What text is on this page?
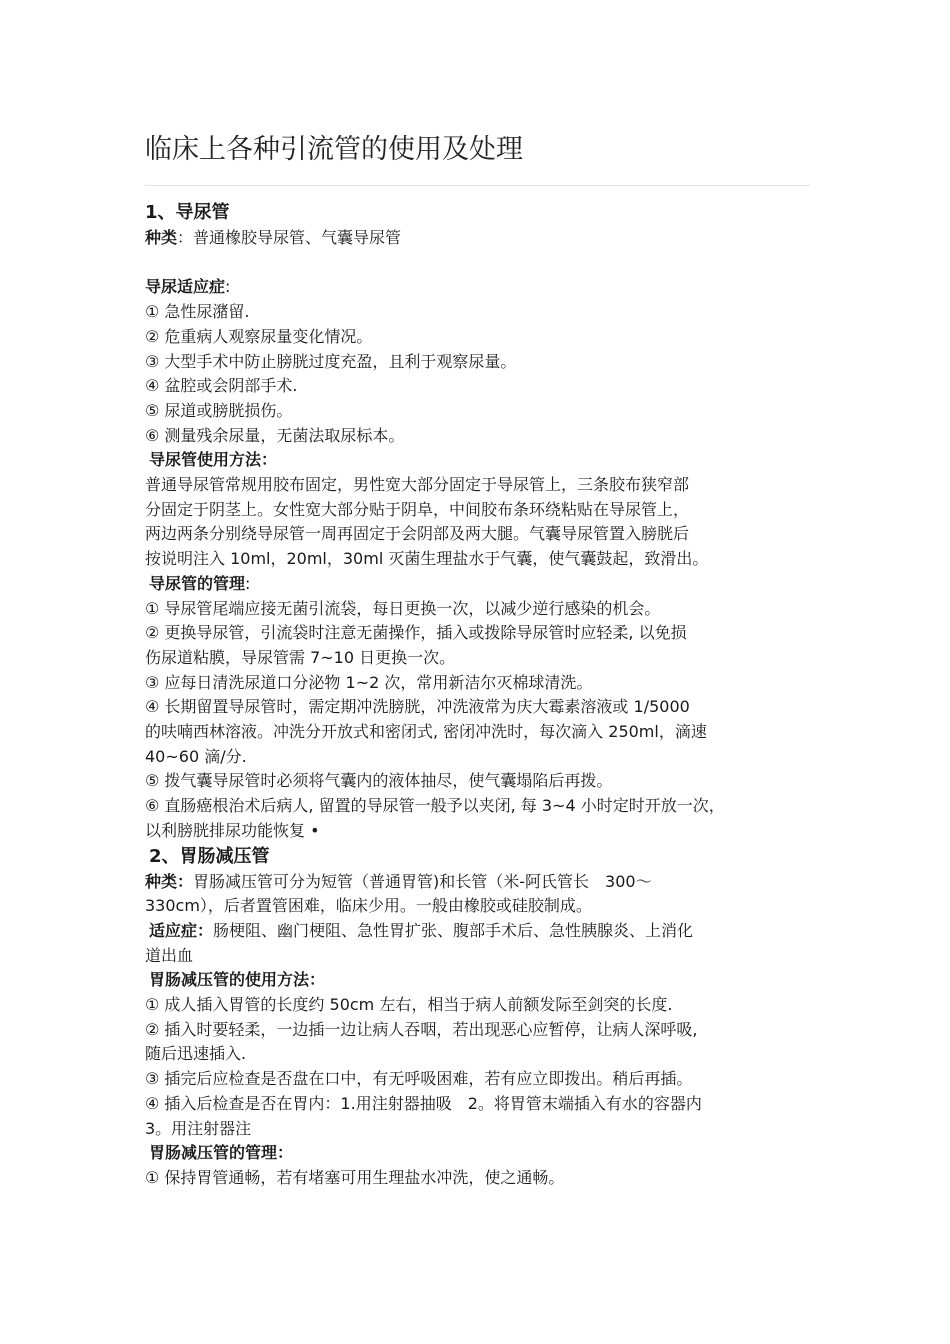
临床上各种引流管的使用及处理
1、导尿管

种类：普通橡胶导尿管、气囊导尿管

导尿适应症:

① 急性尿潴留.

② 危重病人观察尿量变化情况。

③ 大型手术中防止膀胱过度充盈，且利于观察尿量。

④ 盆腔或会阴部手术.

⑤ 尿道或膀胱损伤。

⑥ 测量残余尿量，无菌法取尿标本。

导尿管使用方法：

普通导尿管常规用胶布固定，男性宽大部分固定于导尿管上，三条胶布狭窄部

分固定于阴茎上。女性宽大部分贴于阴阜，中间胶布条环绕粘贴在导尿管上，

两边两条分别绕导尿管一周再固定于会阴部及两大腿。气囊导尿管置入膀胱后

按说明注入 10ml，20ml，30ml 灭菌生理盐水于气囊，使气囊鼓起，致滑出。

导尿管的管理:

① 导尿管尾端应接无菌引流袋，每日更换一次，以减少逆行感染的机会。

② 更换导尿管，引流袋时注意无菌操作，插入或拨除导尿管时应轻柔, 以免损

伤尿道粘膜，导尿管需 7~10 日更换一次。

③ 应每日清洗尿道口分泌物 1~2 次，常用新洁尔灭棉球清洗。

④ 长期留置导尿管时，需定期冲洗膀胱，冲洗液常为庆大霉素溶液或 1/5000

的呋喃西林溶液。冲洗分开放式和密闭式, 密闭冲洗时，每次滴入 250ml，滴速

40~60 滴/分.

⑤ 拨气囊导尿管时必须将气囊内的液体抽尽，使气囊塌陷后再拨。

⑥ 直肠癌根治术后病人, 留置的导尿管一般予以夹闭, 每 3~4 小时定时开放一次，

以利膀胱排尿功能恢复 •

2、胃肠减压管

种类：胃肠减压管可分为短管（普通胃管)和长管（米-阿氏管长　300～

330cm），后者置管困难，临床少用。一般由橡胶或硅胶制成。

适应症：肠梗阻、幽门梗阻、急性胃扩张、腹部手术后、急性胰腺炎、上消化

道出血

胃肠减压管的使用方法：

① 成人插入胃管的长度约 50cm 左右，相当于病人前额发际至剑突的长度.

② 插入时要轻柔，一边插一边让病人吞咽，若出现恶心应暂停，让病人深呼吸,

随后迅速插入.

③ 插完后应检查是否盘在口中，有无呼吸困难，若有应立即拨出。稍后再插。

④ 插入后检查是否在胃内：1.用注射器抽吸　2。将胃管末端插入有水的容器内

3。用注射器注

胃肠减压管的管理：

① 保持胃管通畅，若有堵塞可用生理盐水冲洗，使之通畅。
